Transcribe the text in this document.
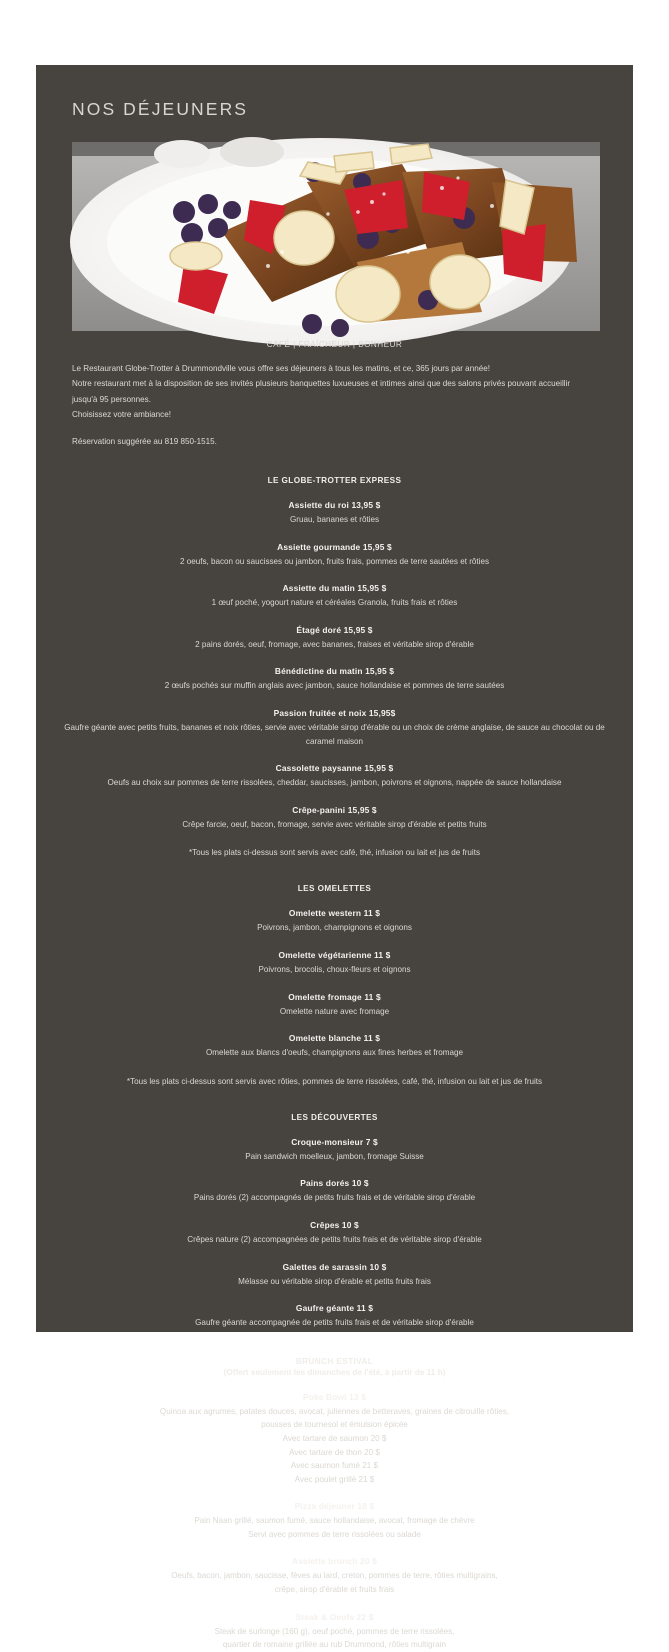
NOS DÉJEUNERS
CAFÉ | FRAÎCHEUR | BONHEUR

Le Restaurant Globe-Trotter à Drummondville vous offre ses déjeuners à tous les matins, et ce, 365 jours par année!

Notre restaurant met à la disposition de ses invités plusieurs banquettes luxueuses et intimes ainsi que des salons privés pouvant accueillir jusqu'à 95 personnes.

Choisissez votre ambiance!

Réservation suggérée au 819 850-1515.

LE GLOBE-TROTTER EXPRESS
Assiette du roi 13,95 $
Gruau, bananes et rôties
Assiette gourmande 15,95 $
2 oeufs, bacon ou saucisses ou jambon, fruits frais, pommes de terre sautées et rôties
Assiette du matin 15,95 $
1 œuf poché, yogourt nature et céréales Granola, fruits frais et rôties
Étagé doré 15,95 $
2 pains dorés, oeuf, fromage, avec bananes, fraises et véritable sirop d'érable
Bénédictine du matin 15,95 $
2 œufs pochés sur muffin anglais avec jambon, sauce hollandaise et pommes de terre sautées
Passion fruitée et noix 15,95$
Gaufre géante avec petits fruits, bananes et noix rôties, servie avec véritable sirop d'érable ou un choix de crème anglaise, de sauce au chocolat ou de caramel maison
Cassolette paysanne 15,95 $
Oeufs au choix sur pommes de terre rissolées, cheddar, saucisses, jambon, poivrons et oignons, nappée de sauce hollandaise
Crêpe-panini 15,95 $
Crêpe farcie, oeuf, bacon, fromage, servie avec véritable sirop d'érable et petits fruits
*Tous les plats ci-dessus sont servis avec café, thé, infusion ou lait et jus de fruits
LES OMELETTES
Omelette western 11 $
Poivrons, jambon, champignons et oignons
Omelette végétarienne 11 $
Poivrons, brocolis, choux-fleurs et oignons
Omelette fromage 11 $
Omelette nature avec fromage
Omelette blanche 11 $
Omelette aux blancs d'oeufs, champignons aux fines herbes et fromage
*Tous les plats ci-dessus sont servis avec rôties, pommes de terre rissolées, café, thé, infusion ou lait et jus de fruits
LES DÉCOUVERTES
Croque-monsieur 7 $
Pain sandwich moelleux, jambon, fromage Suisse
Pains dorés 10 $
Pains dorés (2) accompagnés de petits fruits frais et de véritable sirop d'érable
Crêpes 10 $
Crêpes nature (2) accompagnées de petits fruits frais et de véritable sirop d'érable
Galettes de sarassin 10 $
Mélasse ou véritable sirop d'érable et petits fruits frais
Gaufre géante 11 $
Gaufre géante accompagnée de petits fruits frais et de véritable sirop d'érable
BRUNCH ESTIVAL
(Offert seulement les dimanches de l'été, à partir de 11 h)
Poke Bowl 13 $
Quinoa aux agrumes, patates douces, avocat, juliennes de betteraves, graines de citrouille rôties,
pousses de tournesol et émulsion épicée
Avec tartare de saumon 20 $
Avec tartare de thon 20 $
Avec saumon fumé 21 $
Avec poulet grillé 21 $
Pizza déjeuner 18 $
Pain Naan grillé, saumon fumé, sauce hollandaise, avocat, fromage de chèvre
Servi avec pommes de terre rissolées ou salade
Assiette brunch 20 $
Oeufs, bacon, jambon, saucisse, fèves au lard, creton, pommes de terre, rôties multigrains,
crêpe, sirop d'érable et fruits frais
Steak & Oeufs 22 $
Steak de surlonge (160 g), oeuf poché, pommes de terre rissolées,
quartier de romaine grillée au rub Drummond, rôties multigrain
